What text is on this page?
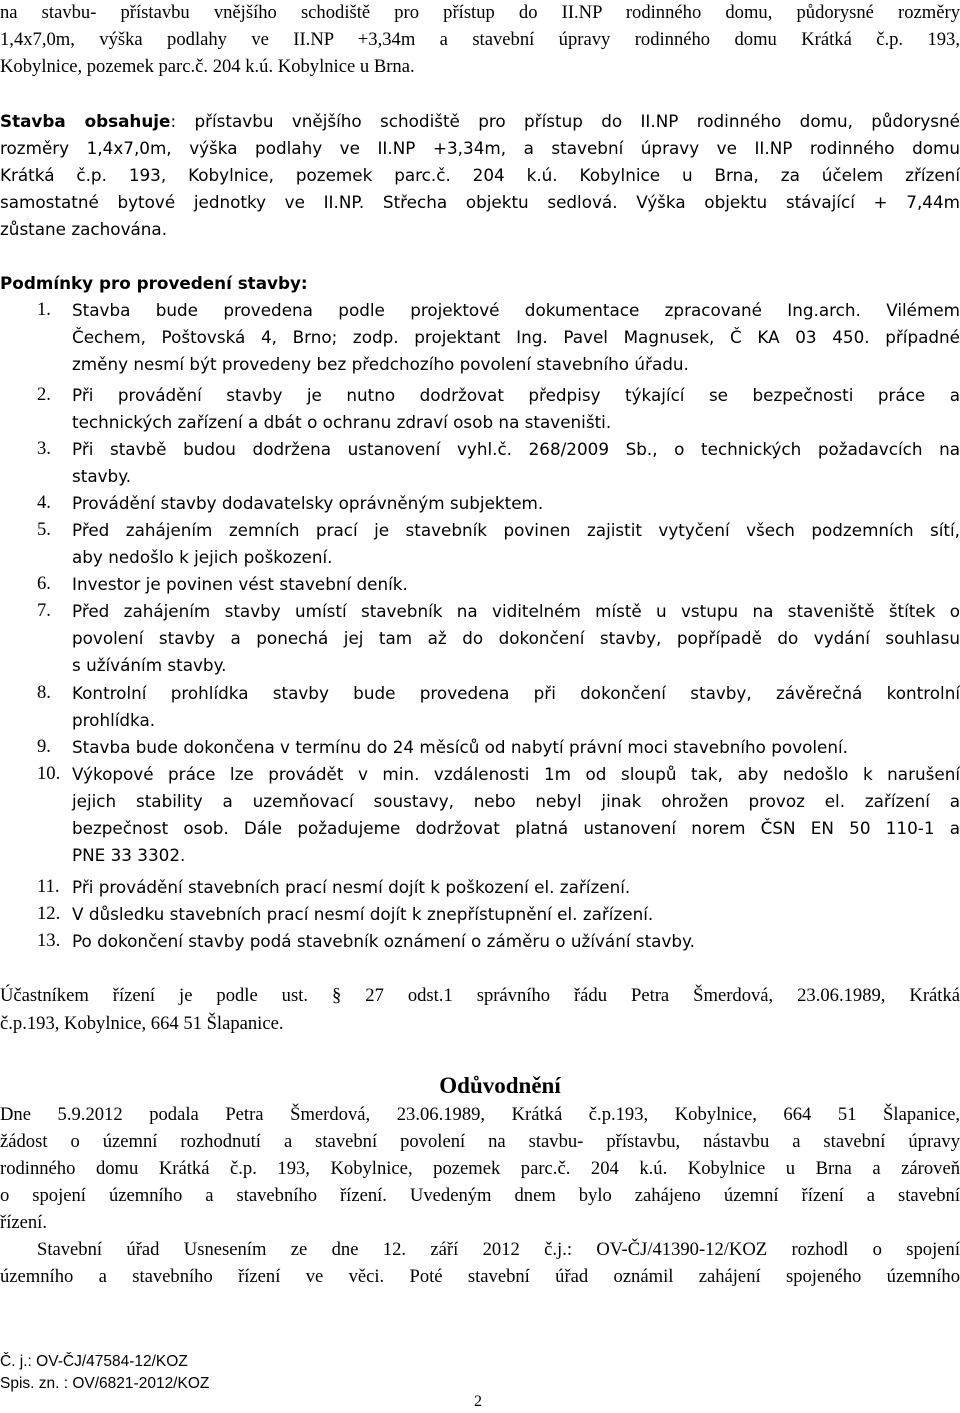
na stavbu- přístavbu vnějšího schodiště pro přístup do II.NP rodinného domu, půdorysné rozměry
1,4x7,0m, výška podlahy ve II.NP +3,34m a stavební úpravy rodinného domu Krátká č.p. 193,
Kobylnice, pozemek parc.č. 204 k.ú. Kobylnice u Brna.
Stavba obsahuje: přístavbu vnějšího schodiště pro přístup do II.NP rodinného domu, půdorysné
rozměry 1,4x7,0m, výška podlahy ve II.NP +3,34m, a stavební úpravy ve II.NP rodinného domu
Krátká č.p. 193, Kobylnice, pozemek parc.č. 204 k.ú. Kobylnice u Brna, za účelem zřízení
samostatné bytové jednotky ve II.NP. Střecha objektu sedlová. Výška objektu stávající + 7,44m
zůstane zachována.
Podmínky pro provedení stavby:
1. Stavba bude provedena podle projektové dokumentace zpracované Ing.arch. Vilémem
Čechem, Poštovská 4, Brno; zodp. projektant Ing. Pavel Magnusek, Č KA 03 450. případné
změny nesmí být provedeny bez předchozího povolení stavebního úřadu.
2. Při provádění stavby je nutno dodržovat předpisy týkající se bezpečnosti práce a
technických zařízení a dbát o ochranu zdraví osob na staveništi.
3. Při stavbě budou dodržena ustanovení vyhl.č. 268/2009 Sb., o technických požadavcích na
stavby.
4. Provádění stavby dodavatelsky oprávněným subjektem.
5. Před zahájením zemních prací je stavebník povinen zajistit vytyčení všech podzemních sítí,
aby nedošlo k jejich poškození.
6. Investor je povinen vést stavební deník.
7. Před zahájením stavby umístí stavebník na viditelném místě u vstupu na staveniště štítek o
povolení stavby a ponechá jej tam až do dokončení stavby, popřípadě do vydání souhlasu
s užíváním stavby.
8. Kontrolní prohlídka stavby bude provedena při dokončení stavby, závěrečná kontrolní
prohlídka.
9. Stavba bude dokončena v termínu do 24 měsíců od nabytí právní moci stavebního povolení.
10. Výkopové práce lze provádět v min. vzdálenosti 1m od sloupů tak, aby nedošlo k narušení
jejich stability a uzemňovací soustavy, nebo nebyl jinak ohrožen provoz el. zařízení a
bezpečnost osob. Dále požadujeme dodržovat platná ustanovení norem ČSN EN 50 110-1 a
PNE 33 3302.
11. Při provádění stavebních prací nesmí dojít k poškození el. zařízení.
12. V důsledku stavebních prací nesmí dojít k znepřístupnění el. zařízení.
13. Po dokončení stavby podá stavebník oznámení o záměru o užívání stavby.
Účastníkem řízení je podle ust. § 27 odst.1 správního řádu Petra Šmerdová, 23.06.1989, Krátká
č.p.193, Kobylnice, 664 51 Šlapanice.
Odůvodnění
Dne 5.9.2012 podala Petra Šmerdová, 23.06.1989, Krátká č.p.193, Kobylnice, 664 51 Šlapanice,
žádost o územní rozhodnutí a stavební povolení na stavbu- přístavbu, nástavbu a stavební úpravy
rodinného domu Krátká č.p. 193, Kobylnice, pozemek parc.č. 204 k.ú. Kobylnice u Brna a zároveň
o spojení územního a stavebního řízení. Uvedeným dnem bylo zahájeno územní řízení a stavební
řízení.
Stavební úřad Usnesením ze dne 12. září 2012 č.j.: OV-ČJ/41390-12/KOZ rozhodl o spojení
územního a stavebního řízení ve věci. Poté stavební úřad oznámil zahájení spojeného územního
Č. j.: OV-ČJ/47584-12/KOZ
Spis. zn. : OV/6821-2012/KOZ
2
